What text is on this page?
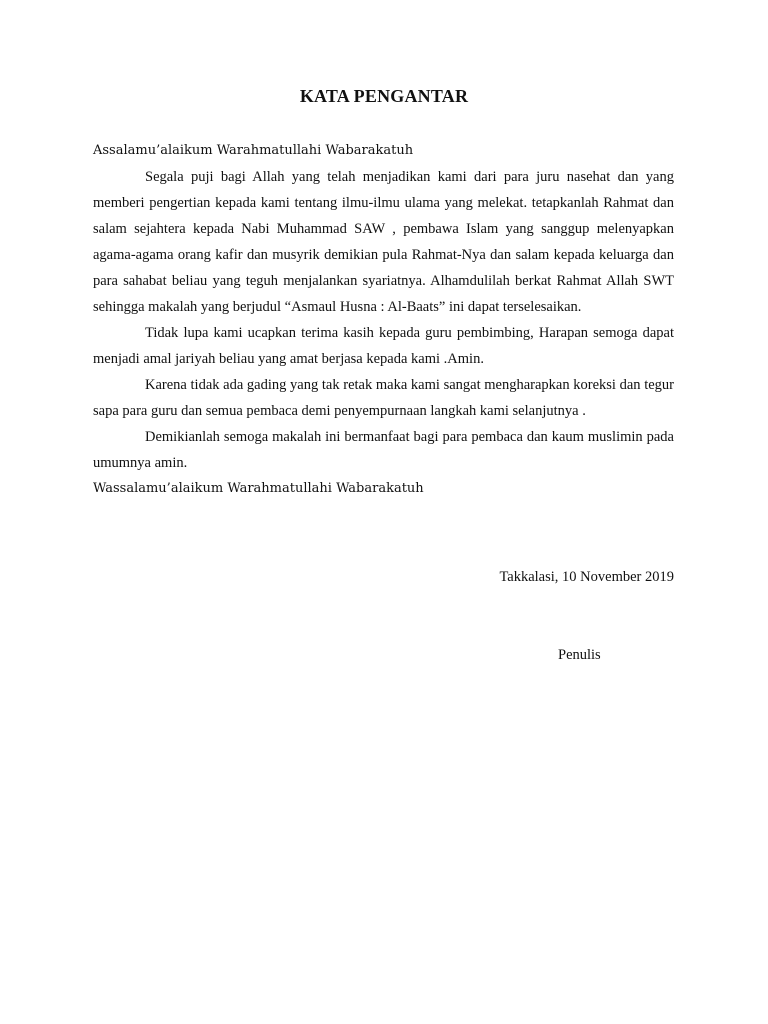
KATA PENGANTAR
Assalamu’alaikum Warahmatullahi Wabarakatuh
Segala puji bagi Allah yang telah menjadikan kami dari para juru nasehat dan yang memberi pengertian kepada kami tentang ilmu-ilmu ulama yang melekat. tetapkanlah Rahmat dan salam sejahtera kepada Nabi Muhammad SAW , pembawa Islam yang sanggup melenyapkan agama-agama orang kafir dan musyrik demikian pula Rahmat-Nya dan salam kepada keluarga dan para sahabat beliau yang teguh menjalankan syariatnya. Alhamdulilah berkat Rahmat Allah SWT sehingga makalah yang berjudul “Asmaul Husna : Al-Baats” ini dapat terselesaikan.
Tidak lupa kami ucapkan terima kasih kepada guru pembimbing, Harapan semoga dapat menjadi amal jariyah beliau yang amat berjasa kepada kami .Amin.
Karena tidak ada gading yang tak retak maka kami sangat mengharapkan koreksi dan tegur sapa para guru dan semua pembaca demi penyempurnaan langkah kami selanjutnya .
Demikianlah semoga makalah ini bermanfaat bagi para pembaca dan kaum muslimin pada umumnya amin.
Wassalamu’alaikum Warahmatullahi Wabarakatuh
Takkalasi, 10 November 2019
Penulis
